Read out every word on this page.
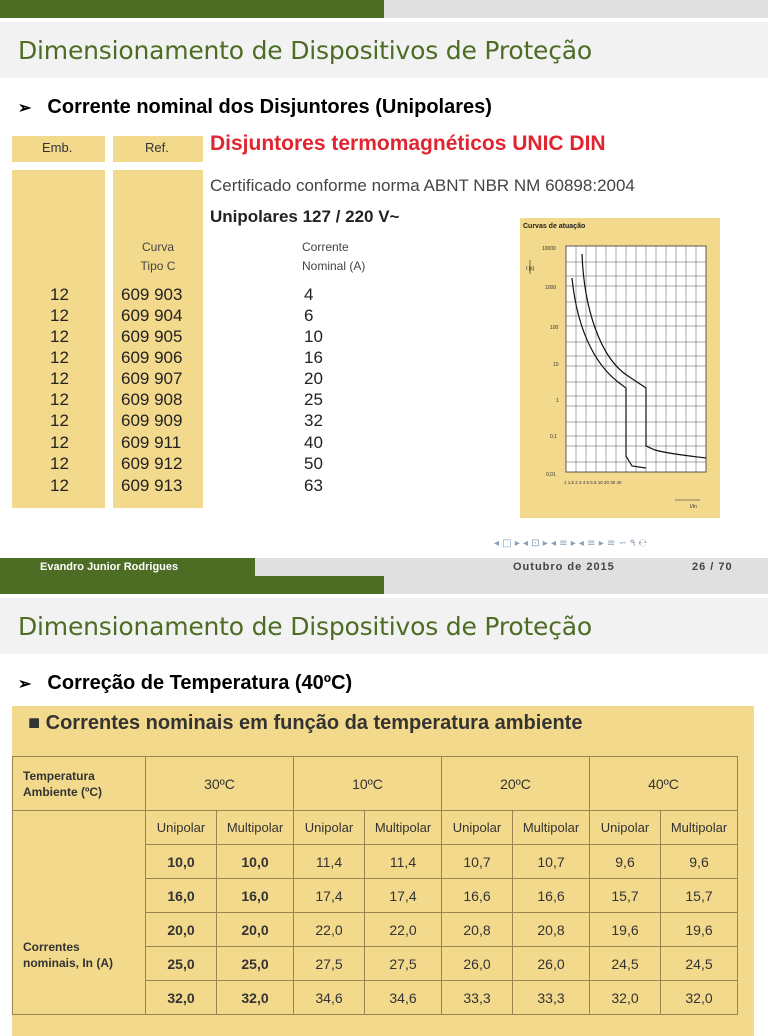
Dimensionamento de Dispositivos de Proteção
➢ Corrente nominal dos Disjuntores (Unipolares)
Emb.	Ref. Disjuntores termomagnéticos UNIC DIN
Certificado conforme norma ABNT NBR NM 60898:2004
Unipolares 127 / 220 V~
Curva
Tipo C
Corrente
Nominal (A)
12	609 903	4
12	609 904	6
12	609 905	10
12	609 906	16
12	609 907	20
12	609 908	25
12	609 909	32
12	609 911	40
12	609 912	50
12	609 913	63
Curvas de atuação
10000
1000
100
10
1
0,1
0,01
t [s]
1 1,5 2 3 4 5 6 8 10 20 30 40
I/In
◂ □ ▸ ◂ ⊡ ▸ ◂ ≡ ▸ ◂ ≡ ▸ ≡ ∽ ۹ ℮
Evandro Junior Rodrigues	Outubro de 2015	26 / 70
Dimensionamento de Dispositivos de Proteção
➢ Correção de Temperatura (40ºC)
■ Correntes nominais em função da temperatura ambiente
Temperatura
Ambiente (ºC)	30ºC		10ºC		20ºC		40ºC	

Correntes
nominais, In (A)	Unipolar	Multipolar	Unipolar	Multipolar	Unipolar	Multipolar	Unipolar	Multipolar
	10,0	10,0	11,4	11,4	10,7	10,7	9,6	9,6
	16,0	16,0	17,4	17,4	16,6	16,6	15,7	15,7
	20,0	20,0	22,0	22,0	20,8	20,8	19,6	19,6
	25,0	25,0	27,5	27,5	26,0	26,0	24,5	24,5
	32,0	32,0	34,6	34,6	33,3	33,3	32,0	32,0
